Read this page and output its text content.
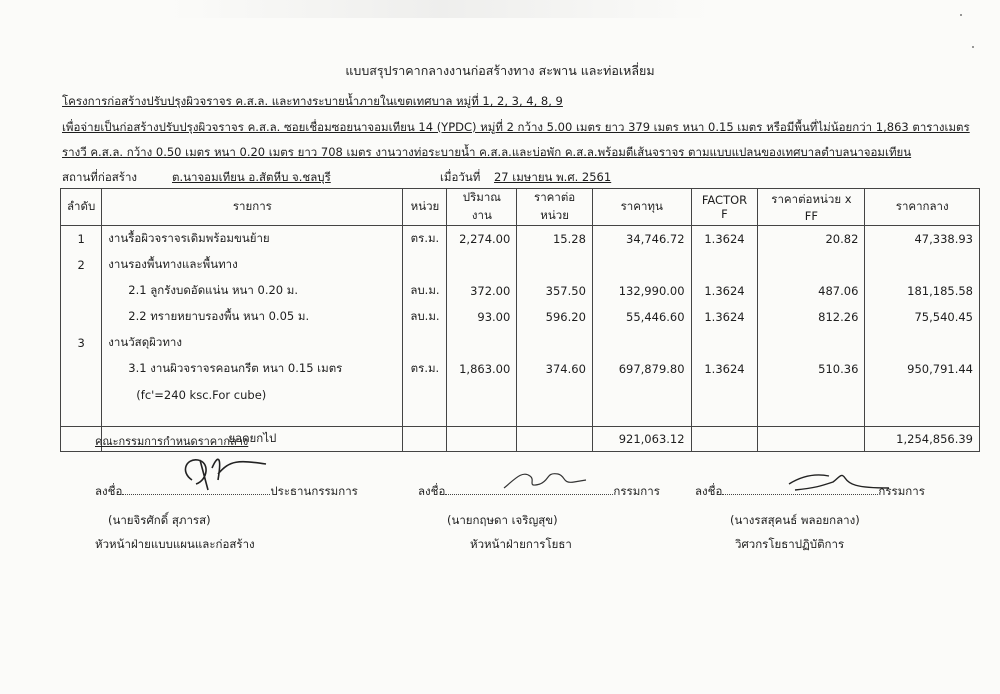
แบบสรุปราคากลางงานก่อสร้างทาง สะพาน และท่อเหลี่ยม
โครงการก่อสร้างปรับปรุงผิวจราจร ค.ส.ล. และทางระบายน้ำภายในเขตเทศบาล หมู่ที่ 1, 2, 3, 4, 8, 9
เพื่อจ่ายเป็นก่อสร้างปรับปรุงผิวจราจร ค.ส.ล. ซอยเชื่อมซอยนาจอมเทียน 14 (YPDC) หมู่ที่ 2 กว้าง 5.00 เมตร ยาว 379 เมตร หนา 0.15 เมตร หรือมีพื้นที่ไม่น้อยกว่า 1,863 ตารางเมตร
รางวี ค.ส.ล. กว้าง 0.50 เมตร หนา 0.20 เมตร ยาว 708 เมตร งานวางท่อระบายน้ำ ค.ส.ล.และบ่อพัก ค.ส.ล.พร้อมตีเส้นจราจร ตามแบบแปลนของเทศบาลตำบลนาจอมเทียน
สถานที่ก่อสร้าง	ต.นาจอมเทียน อ.สัตหีบ จ.ชลบุรี	เมื่อวันที่ 27 เมษายน พ.ศ. 2561
ลำดับ	รายการ	หน่วย	ปริมาณงาน	ราคาต่อหน่วย	ราคาทุน	FACTOR F	ราคาต่อหน่วย x FF	ราคากลาง
1	งานรื้อผิวจราจรเดิมพร้อมขนย้าย	ตร.ม.	2,274.00	15.28	34,746.72	1.3624	20.82	47,338.93
2	งานรองพื้นทางและพื้นทาง							
	2.1 ลูกรังบดอัดแน่น หนา 0.20 ม.	ลบ.ม.	372.00	357.50	132,990.00	1.3624	487.06	181,185.58
	2.2 ทรายหยาบรองพื้น หนา 0.05 ม.	ลบ.ม.	93.00	596.20	55,446.60	1.3624	812.26	75,540.45
3	งานวัสดุผิวทาง							
	3.1 งานผิวจราจรคอนกรีต หนา 0.15 เมตร	ตร.ม.	1,863.00	374.60	697,879.80	1.3624	510.36	950,791.44
	(fc'=240 ksc.For cube)							

	ยอดยกไป				921,063.12			1,254,856.39
คณะกรรมการกำหนดราคากลาง
ลงชื่อ	ประธานกรรมการ	ลงชื่อ	กรรมการ	ลงชื่อ	กรรมการ
(นายจิรศักดิ์ สุภารส)	(นายกฤษดา เจริญสุข)	(นางรสสุคนธ์ พลอยกลาง)
หัวหน้าฝ่ายแบบแผนและก่อสร้าง	หัวหน้าฝ่ายการโยธา	วิศวกรโยธาปฏิบัติการ
